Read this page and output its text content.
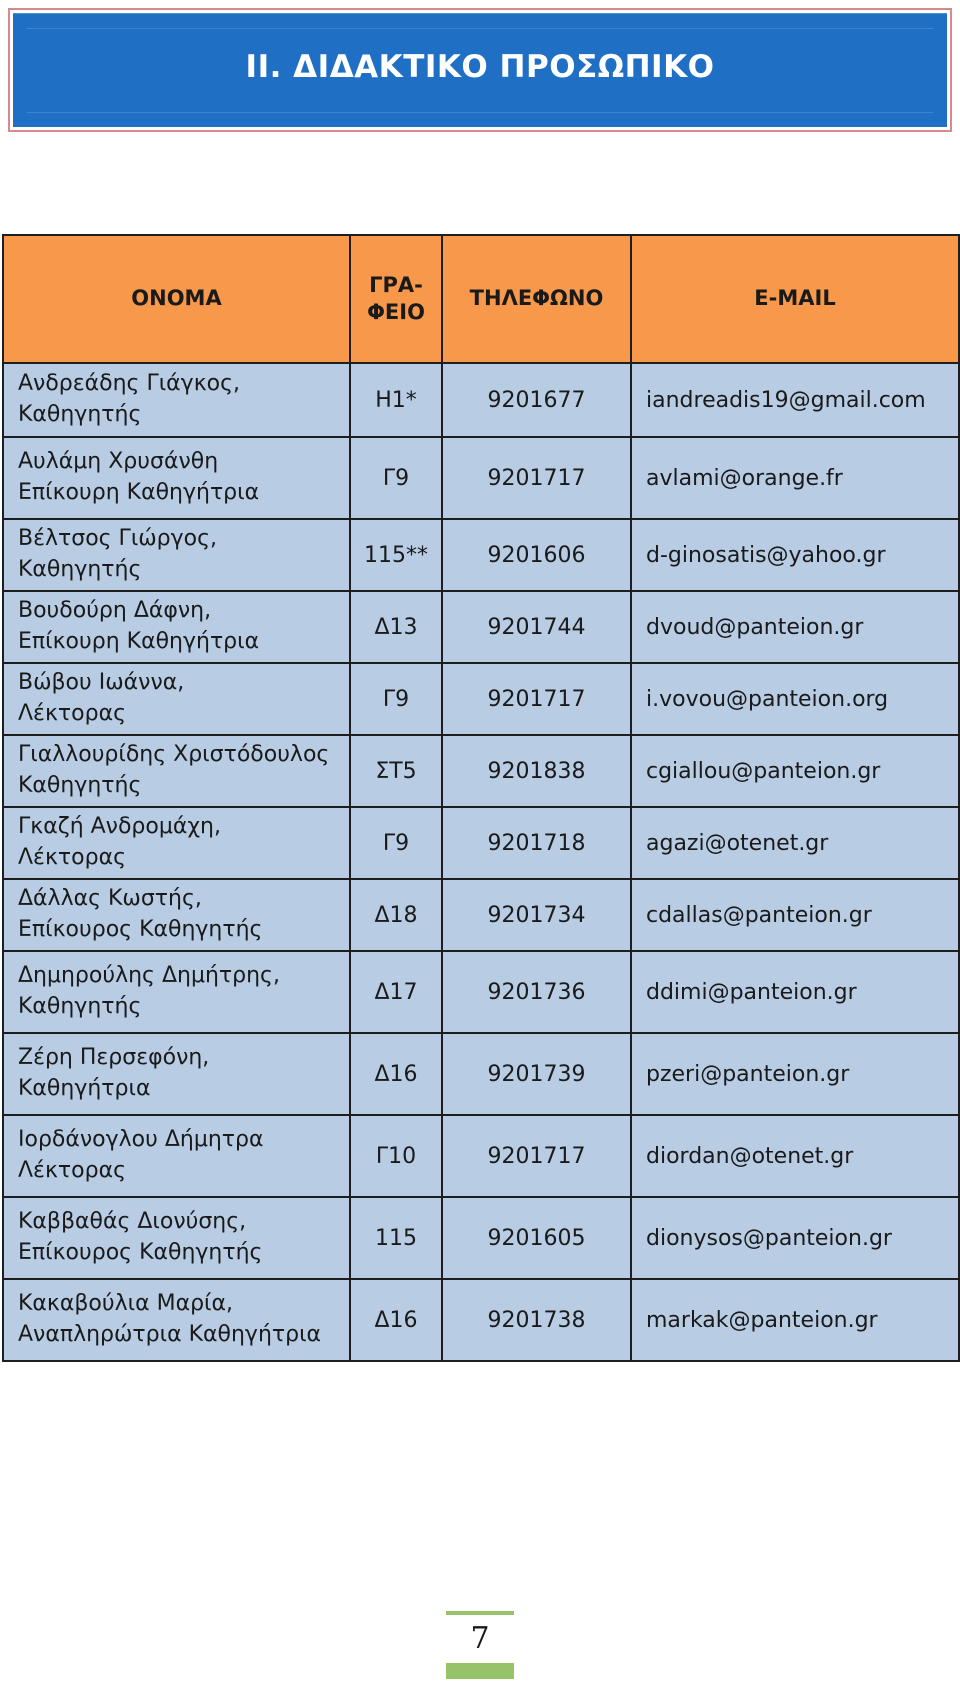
II. ΔΙΔΑΚΤΙΚΟ ΠΡΟΣΩΠΙΚΟ
ΟΝΟΜΑ	ΓΡΑ-
ΦΕΙΟ	ΤΗΛΕΦΩΝΟ	E-MAIL
Ανδρεάδης Γιάγκος,
Καθηγητής	Η1*	9201677	iandreadis19@gmail.com
Αυλάμη Χρυσάνθη
Επίκουρη Καθηγήτρια	Γ9	9201717	avlami@orange.fr
Βέλτσος Γιώργος,
Καθηγητής	115**	9201606	d-ginosatis@yahoo.gr
Βουδούρη Δάφνη,
Επίκουρη Καθηγήτρια	Δ13	9201744	dvoud@panteion.gr
Βώβου Ιωάννα,
Λέκτορας	Γ9	9201717	i.vovou@panteion.org
Γιαλλουρίδης Χριστόδουλος
Καθηγητής	ΣΤ5	9201838	cgiallou@panteion.gr
Γκαζή Ανδρομάχη,
Λέκτορας	Γ9	9201718	agazi@otenet.gr
Δάλλας Κωστής,
Επίκουρος Καθηγητής	Δ18	9201734	cdallas@panteion.gr
Δημηρούλης Δημήτρης,
Καθηγητής	Δ17	9201736	ddimi@panteion.gr
Ζέρη Περσεφόνη,
Καθηγήτρια	Δ16	9201739	pzeri@panteion.gr
Ιορδάνογλου Δήμητρα
Λέκτορας	Γ10	9201717	diordan@otenet.gr
Καββαθάς Διονύσης,
Επίκουρος Καθηγητής	115	9201605	dionysos@panteion.gr
Κακαβούλια Μαρία,
Αναπληρώτρια Καθηγήτρια	Δ16	9201738	markak@panteion.gr
7
